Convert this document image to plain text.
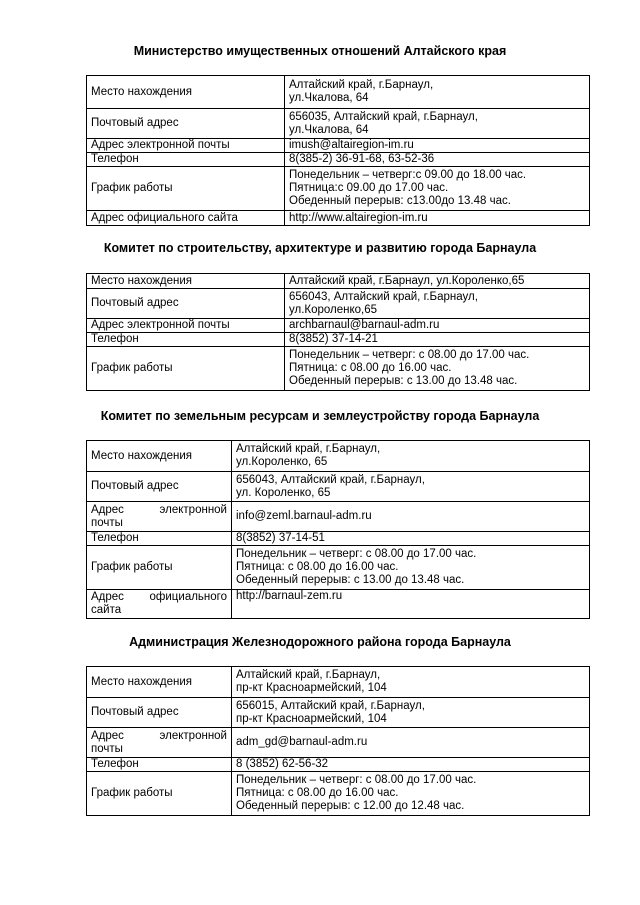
Министерство имущественных отношений Алтайского края
Место нахождения	Алтайский край, г.Барнаул,
ул.Чкалова, 64
Почтовый адрес	656035, Алтайский край, г.Барнаул,
ул.Чкалова, 64
Адрес электронной почты	imush@altairegion-im.ru
Телефон	8(385-2) 36-91-68, 63-52-36
График работы	Понедельник – четверг:с 09.00 до 18.00 час.
Пятница:с 09.00 до 17.00 час.
Обеденный перерыв: с13.00до 13.48 час.
Адрес официального сайта	http://www.altairegion-im.ru
Комитет по строительству, архитектуре и развитию города Барнаула
Место нахождения	Алтайский край, г.Барнаул, ул.Короленко,65
Почтовый адрес	656043, Алтайский край, г.Барнаул,
ул.Короленко,65
Адрес электронной почты	archbarnaul@barnaul-adm.ru
Телефон	8(3852) 37-14-21
График работы	Понедельник – четверг: с 08.00 до 17.00 час.
Пятница: с 08.00 до 16.00 час.
Обеденный перерыв: с 13.00 до 13.48 час.
Комитет по земельным ресурсам и землеустройству города Барнаула
Место нахождения	Алтайский край, г.Барнаул,
ул.Короленко, 65
Почтовый адрес	656043, Алтайский край, г.Барнаул,
ул. Короленко, 65
Адрес электронной почты	info@zeml.barnaul-adm.ru
Телефон	8(3852) 37-14-51
График работы	Понедельник – четверг: с 08.00 до 17.00 час.
Пятница: с 08.00 до 16.00 час.
Обеденный перерыв: с 13.00 до 13.48 час.
Адрес официального сайта	http://barnaul-zem.ru
Администрация Железнодорожного района города Барнаула
Место нахождения	Алтайский край, г.Барнаул,
пр-кт Красноармейский, 104
Почтовый адрес	656015, Алтайский край, г.Барнаул,
пр-кт Красноармейский, 104
Адрес электронной почты	adm_gd@barnaul-adm.ru
Телефон	8 (3852) 62-56-32
График работы	Понедельник – четверг: с 08.00 до 17.00 час.
Пятница: с 08.00 до 16.00 час.
Обеденный перерыв: с 12.00 до 12.48 час.
